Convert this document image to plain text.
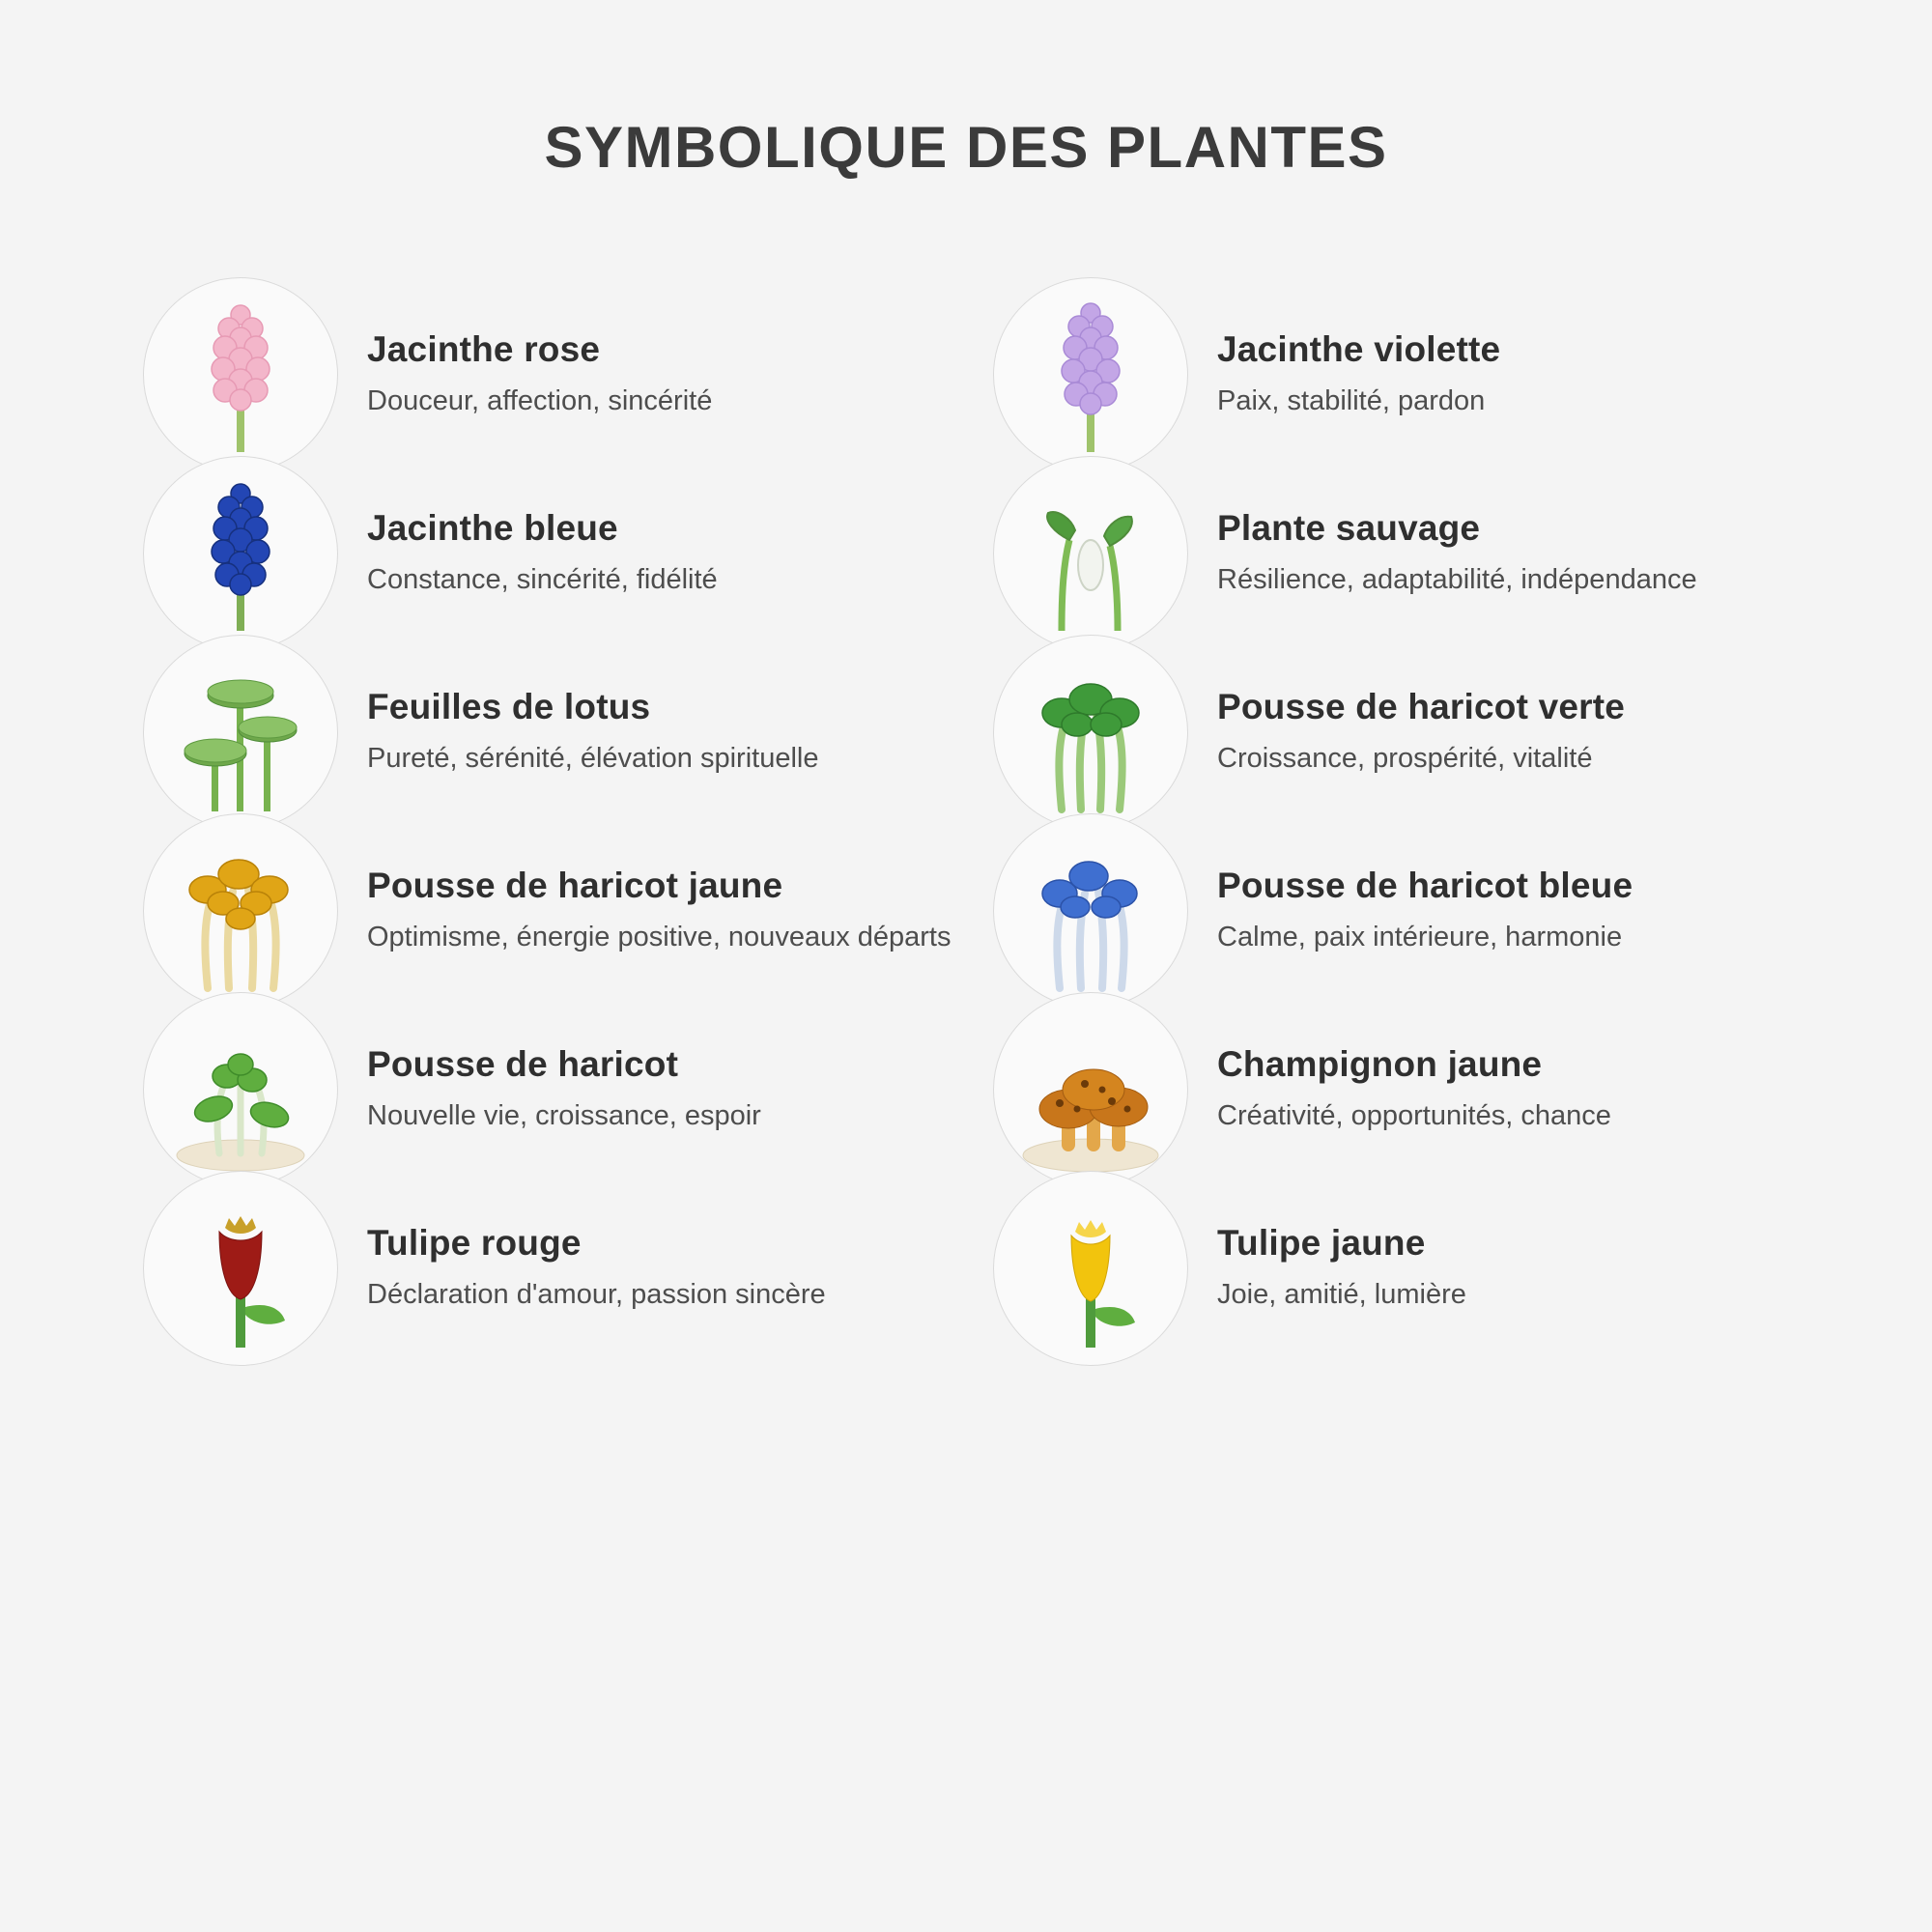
SYMBOLIQUE DES PLANTES
Jacinthe rose
Douceur, affection, sincérité
Jacinthe violette
Paix, stabilité, pardon
Jacinthe bleue
Constance, sincérité, fidélité
Plante sauvage
Résilience, adaptabilité, indépendance
Feuilles de lotus
Pureté, sérénité, élévation spirituelle
Pousse de haricot verte
Croissance, prospérité, vitalité
Pousse de haricot jaune
Optimisme, énergie positive, nouveaux départs
Pousse de haricot bleue
Calme, paix intérieure, harmonie
Pousse de haricot
Nouvelle vie, croissance, espoir
Champignon jaune
Créativité, opportunités, chance
Tulipe rouge
Déclaration d'amour, passion sincère
Tulipe jaune
Joie, amitié, lumière
